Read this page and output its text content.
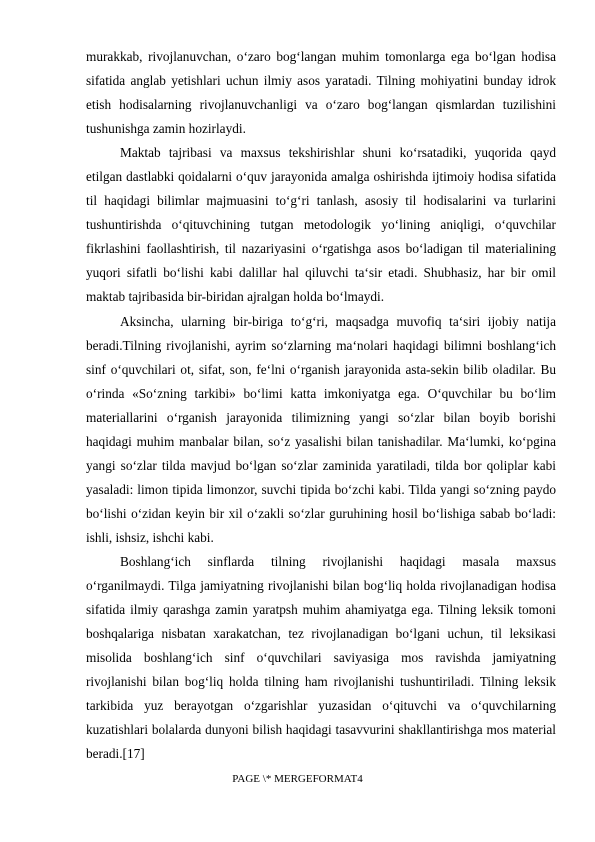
murakkab, rivojlanuvchan, o‘zaro bog‘langan muhim tomonlarga ega bo‘lgan hodisa sifatida anglab yetishlari uchun ilmiy asos yaratadi. Tilning mohiyatini bunday idrok etish hodisalarning rivojlanuvchanligi va o‘zaro bog‘langan qismlardan tuzilishini tushunishga zamin hozirlaydi.

Maktab tajribasi va maxsus tekshirishlar shuni ko‘rsatadiki, yuqorida qayd etilgan dastlabki qoidalarni o‘quv jarayonida amalga oshirishda ijtimoiy hodisa sifatida til haqidagi bilimlar majmuasini to‘g‘ri tanlash, asosiy til hodisalarini va turlarini tushuntirishda o‘qituvchining tutgan metodologik yo‘lining aniqligi, o‘quvchilar fikrlashini faollashtirish, til nazariyasini o‘rgatishga asos bo‘ladigan til materialining yuqori sifatli bo‘lishi kabi dalillar hal qiluvchi ta‘sir etadi. Shubhasiz, har bir omil maktab tajribasida bir-biridan ajralgan holda bo‘lmaydi.

Aksincha, ularning bir-biriga to‘g‘ri, maqsadga muvofiq ta‘siri ijobiy natija beradi.Tilning rivojlanishi, ayrim so‘zlarning ma‘nolari haqidagi bilimni boshlang‘ich sinf o‘quvchilari ot, sifat, son, fe‘lni o‘rganish jarayonida asta-sekin bilib oladilar. Bu o‘rinda «So‘zning tarkibi» bo‘limi katta imkoniyatga ega. O‘quvchilar bu bo‘lim materiallarini o‘rganish jarayonida tilimizning yangi so‘zlar bilan boyib borishi haqidagi muhim manbalar bilan, so‘z yasalishi bilan tanishadilar. Ma‘lumki, ko‘pgina yangi so‘zlar tilda mavjud bo‘lgan so‘zlar zaminida yaratiladi, tilda bor qoliplar kabi yasaladi: limon tipida limonzor, suvchi tipida bo‘zchi kabi. Tilda yangi so‘zning paydo bo‘lishi o‘zidan keyin bir xil o‘zakli so‘zlar guruhining hosil bo‘lishiga sabab bo‘ladi: ishli, ishsiz, ishchi kabi.

Boshlang‘ich sinflarda tilning rivojlanishi haqidagi masala maxsus o‘rganilmaydi. Tilga jamiyatning rivojlanishi bilan bog‘liq holda rivojlanadigan hodisa sifatida ilmiy qarashga zamin yaratpsh muhim ahamiyatga ega. Tilning leksik tomoni boshqalariga nisbatan xarakatchan, tez rivojlanadigan bo‘lgani uchun, til leksikasi misolida boshlang‘ich sinf o‘quvchilari saviyasiga mos ravishda jamiyatning rivojlanishi bilan bog‘liq holda tilning ham rivojlanishi tushuntiriladi. Tilning leksik tarkibida yuz berayotgan o‘zgarishlar yuzasidan o‘qituvchi va o‘quvchilarning kuzatishlari bolalarda dunyoni bilish haqidagi tasavvurini shakllantirishga mos material beradi.[17]

PAGE \* MERGEFORMAT4
